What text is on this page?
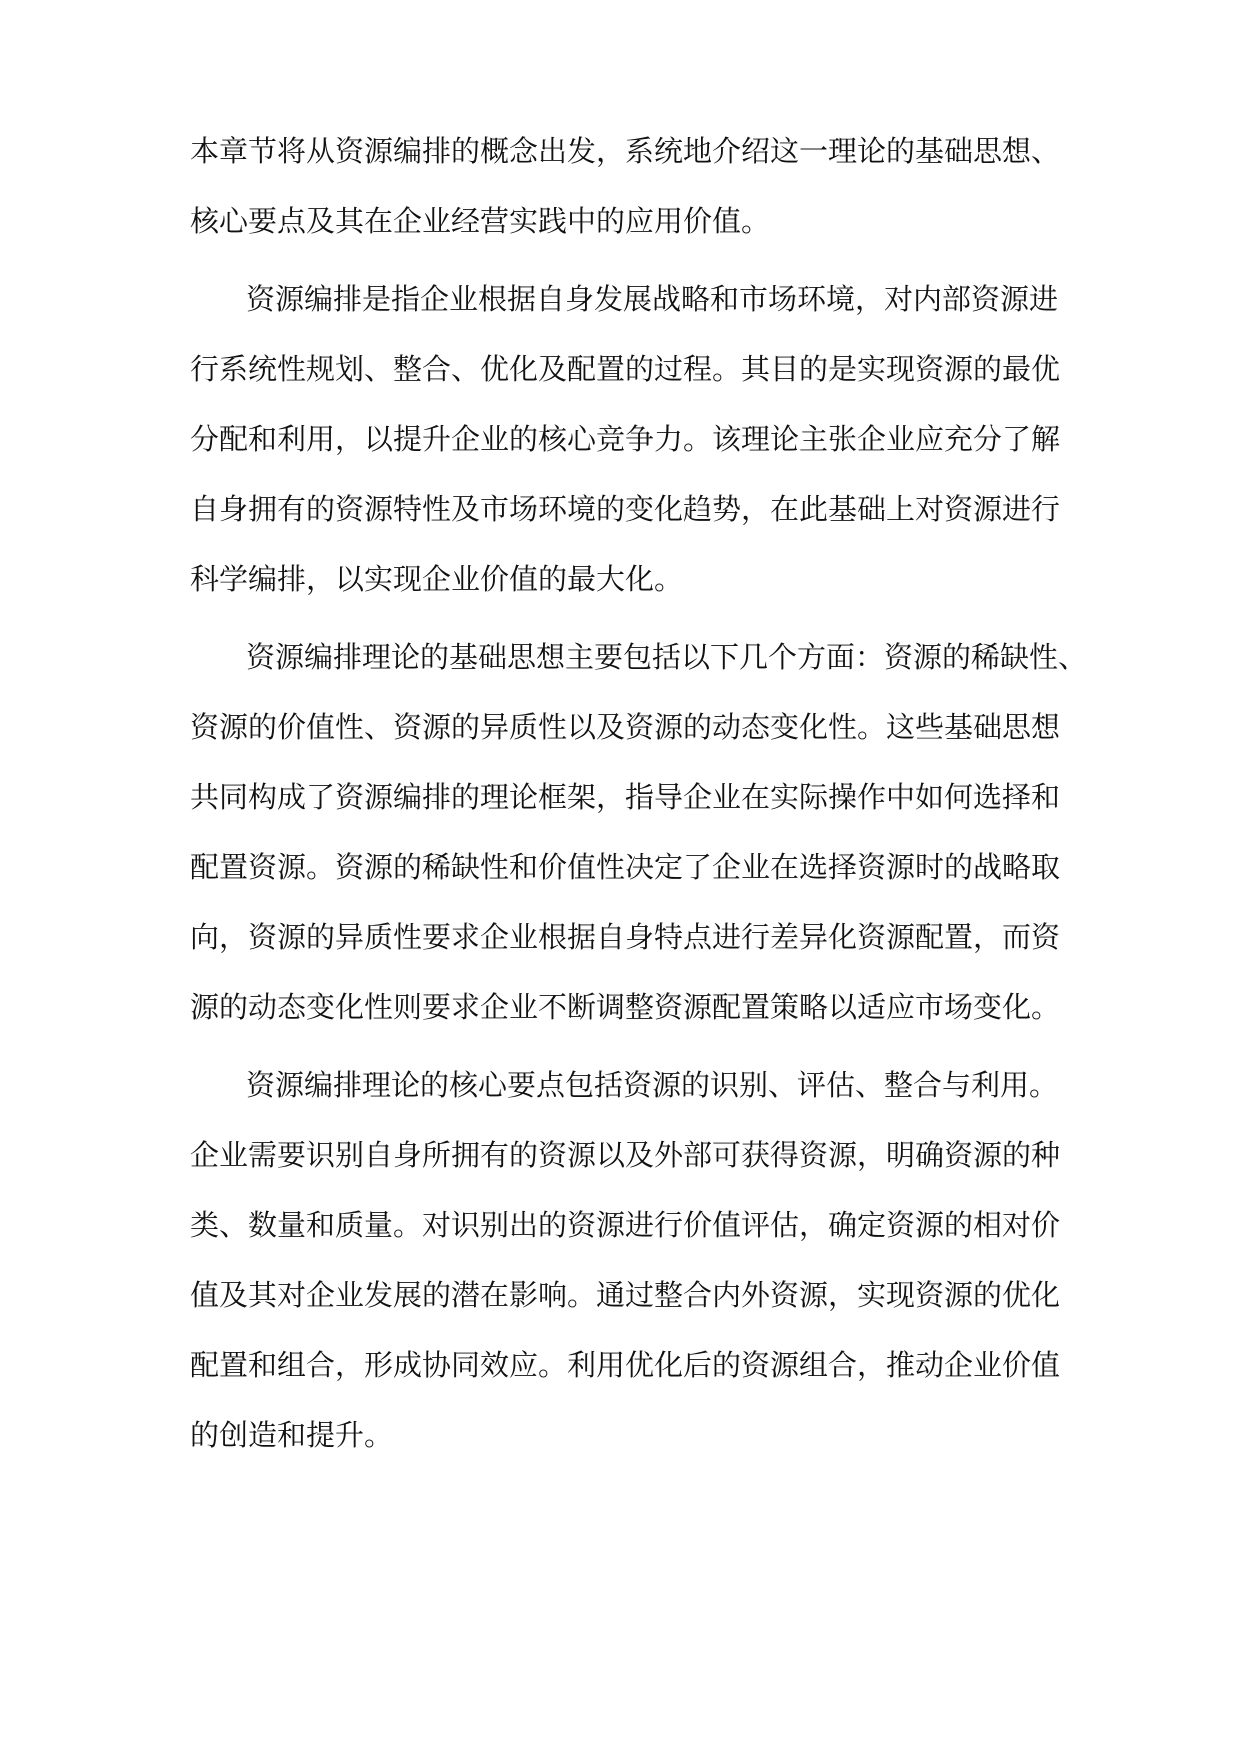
本章节将从资源编排的概念出发，系统地介绍这一理论的基础思想、
核心要点及其在企业经营实践中的应用价值。
资源编排是指企业根据自身发展战略和市场环境，对内部资源进
行系统性规划、整合、优化及配置的过程。其目的是实现资源的最优
分配和利用，以提升企业的核心竞争力。该理论主张企业应充分了解
自身拥有的资源特性及市场环境的变化趋势，在此基础上对资源进行
科学编排，以实现企业价值的最大化。
资源编排理论的基础思想主要包括以下几个方面：资源的稀缺性、
资源的价值性、资源的异质性以及资源的动态变化性。这些基础思想
共同构成了资源编排的理论框架，指导企业在实际操作中如何选择和
配置资源。资源的稀缺性和价值性决定了企业在选择资源时的战略取
向，资源的异质性要求企业根据自身特点进行差异化资源配置，而资
源的动态变化性则要求企业不断调整资源配置策略以适应市场变化。
资源编排理论的核心要点包括资源的识别、评估、整合与利用。
企业需要识别自身所拥有的资源以及外部可获得资源，明确资源的种
类、数量和质量。对识别出的资源进行价值评估，确定资源的相对价
值及其对企业发展的潜在影响。通过整合内外资源，实现资源的优化
配置和组合，形成协同效应。利用优化后的资源组合，推动企业价值
的创造和提升。
